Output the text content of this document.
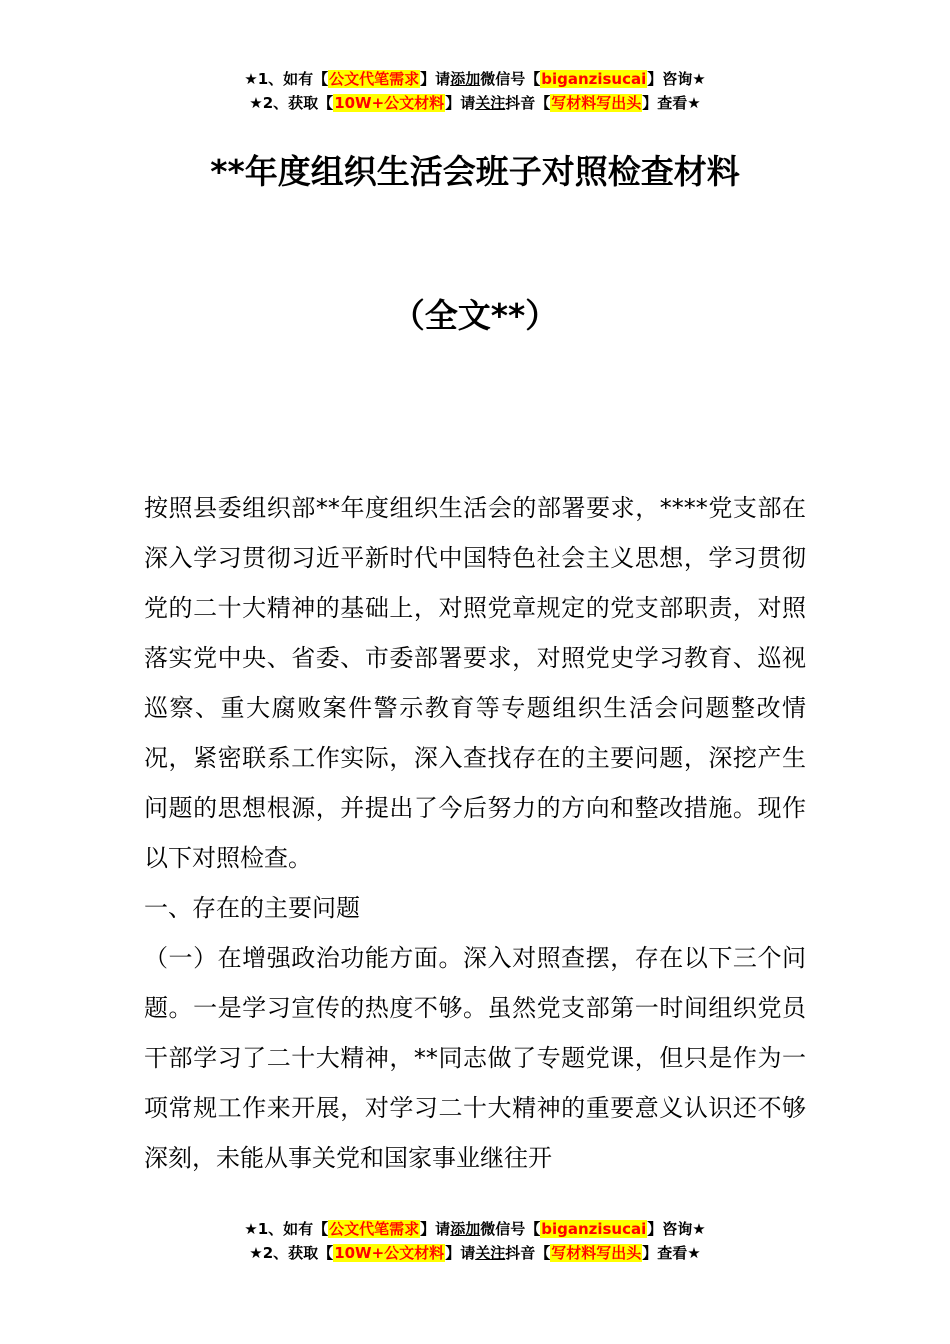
★1、如有【公文代笔需求】请添加微信号【biganzisucai】咨询★
★2、获取【10W+公文材料】请关注抖音【写材料写出头】查看★
**年度组织生活会班子对照检查材料
（全文**）

按照县委组织部**年度组织生活会的部署要求，****党支部在深入学习贯彻习近平新时代中国特色社会主义思想，学习贯彻党的二十大精神的基础上，对照党章规定的党支部职责，对照落实党中央、省委、市委部署要求，对照党史学习教育、巡视巡察、重大腐败案件警示教育等专题组织生活会问题整改情况，紧密联系工作实际，深入查找存在的主要问题，深挖产生问题的思想根源，并提出了今后努力的方向和整改措施。现作以下对照检查。

一、存在的主要问题

（一）在增强政治功能方面。深入对照查摆，存在以下三个问题。一是学习宣传的热度不够。虽然党支部第一时间组织党员干部学习了二十大精神，**同志做了专题党课，但只是作为一项常规工作来开展，对学习二十大精神的重要意义认识还不够深刻，未能从事关党和国家事业继往开

★1、如有【公文代笔需求】请添加微信号【biganzisucai】咨询★
★2、获取【10W+公文材料】请关注抖音【写材料写出头】查看★
